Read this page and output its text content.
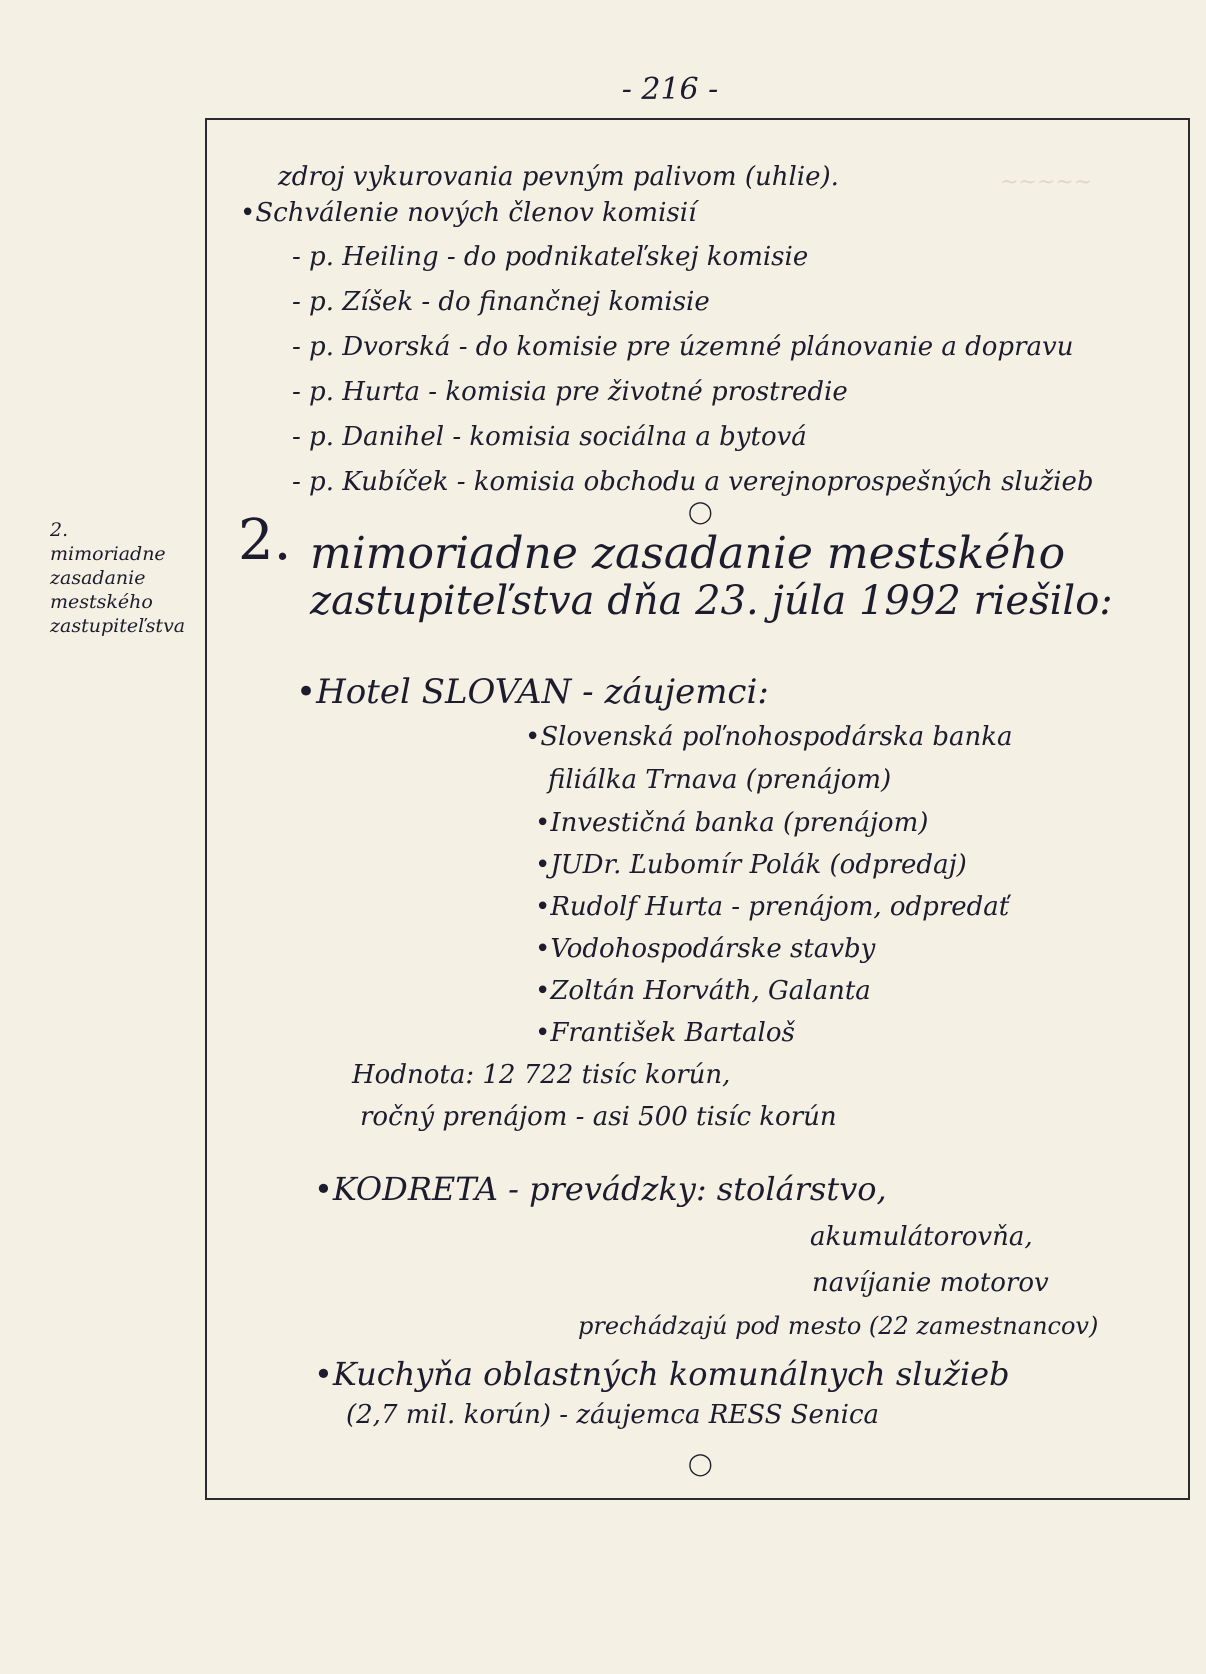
- 216 -
2.
mimoriadne
zasadanie
mestského
zastupiteľstva
~~~~~
zdroj vykurovania pevným palivom (uhlie).
• Schválenie nových členov komisií
- p. Heiling - do podnikateľskej komisie
- p. Zíšek - do finančnej komisie
- p. Dvorská - do komisie pre územné plánovanie a dopravu
- p. Hurta - komisia pre životné prostredie
- p. Danihel - komisia sociálna a bytová
- p. Kubíček - komisia obchodu a verejnoprospešných služieb
◯
2. mimoriadne zasadanie mestského
zastupiteľstva dňa 23. júla 1992 riešilo:
• Hotel SLOVAN - záujemci:
• Slovenská poľnohospodárska banka
filiálka Trnava (prenájom)
• Investičná banka (prenájom)
• JUDr. Ľubomír Polák (odpredaj)
• Rudolf Hurta - prenájom, odpredať
• Vodohospodárske stavby
• Zoltán Horváth, Galanta
• František Bartaloš
Hodnota: 12 722 tisíc korún,
ročný prenájom - asi 500 tisíc korún
• KODRETA - prevádzky: stolárstvo,
akumulátorovňa,
navíjanie motorov
prechádzajú pod mesto (22 zamestnancov)
• Kuchyňa oblastných komunálnych služieb
(2,7 mil. korún) - záujemca RESS Senica
◯
